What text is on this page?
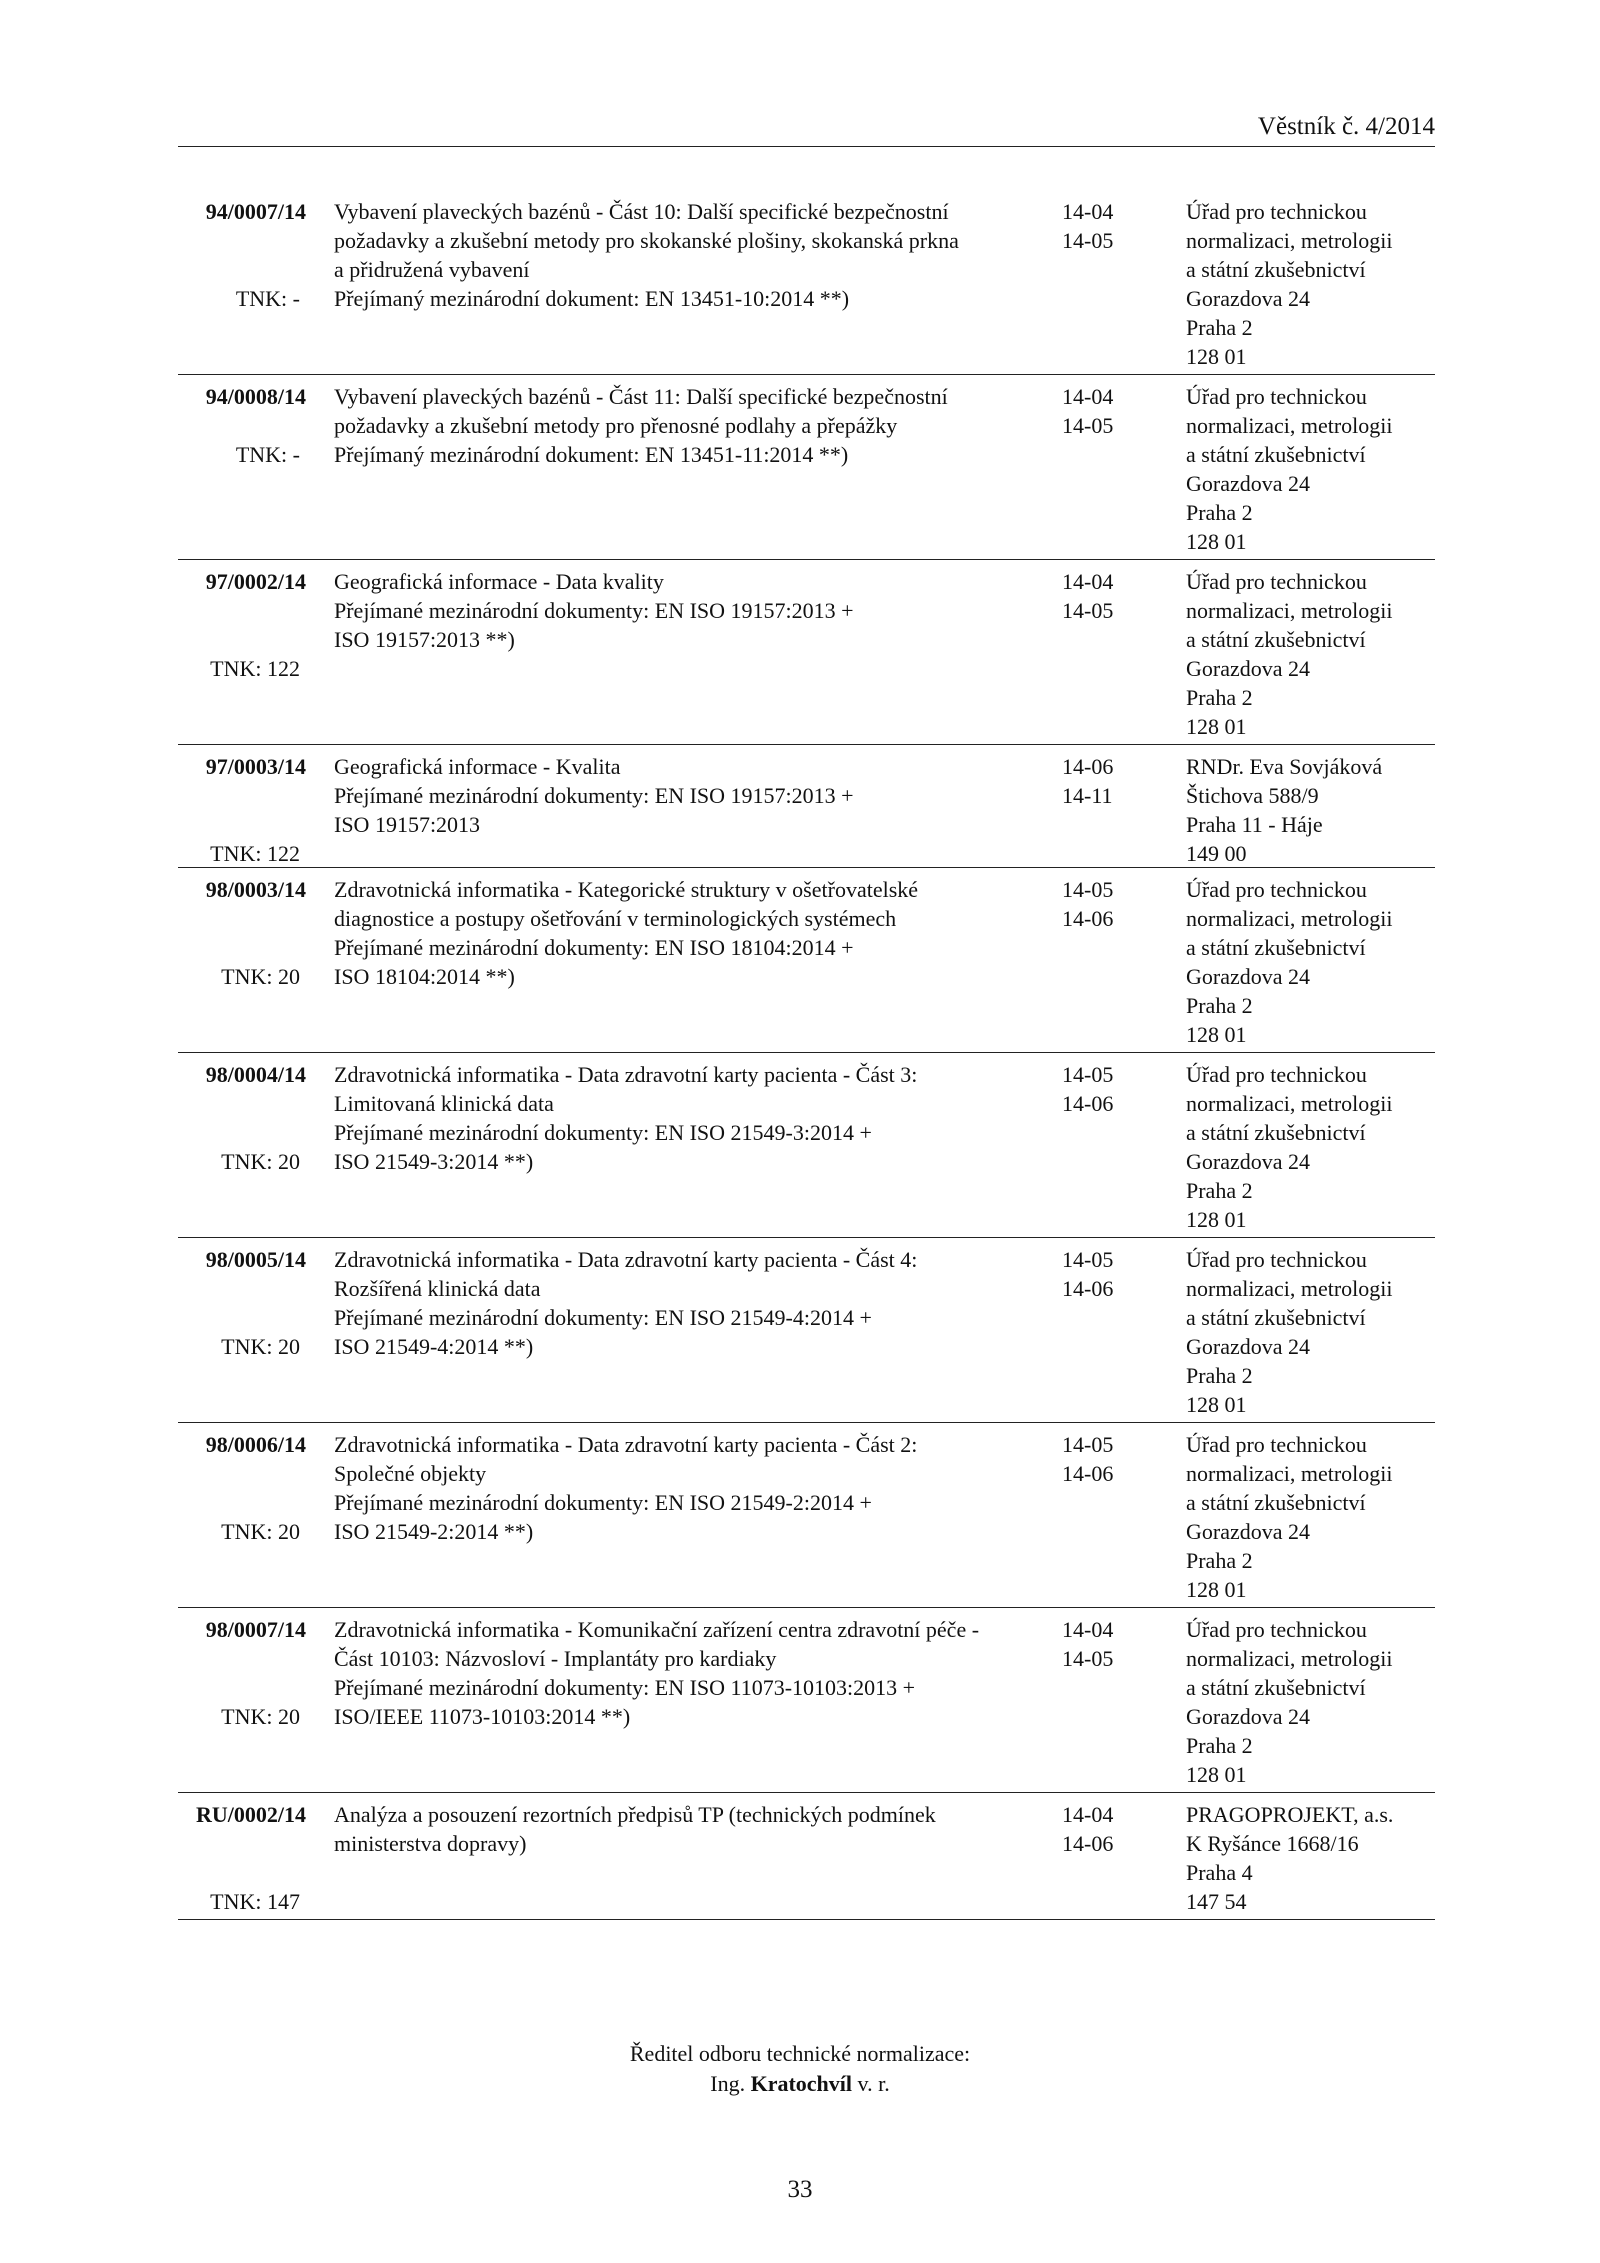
Věstník č. 4/2014
94/0007/14
TNK: -
Vybavení plaveckých bazénů - Část 10: Další specifické bezpečnostní
požadavky a zkušební metody pro skokanské plošiny, skokanská prkna
a přidružená vybavení
Přejímaný mezinárodní dokument: EN 13451-10:2014 **)
14-04
14-05
Úřad pro technickou
normalizaci, metrologii
a státní zkušebnictví
Gorazdova 24
Praha 2
128 01
94/0008/14
TNK: -
Vybavení plaveckých bazénů - Část 11: Další specifické bezpečnostní
požadavky a zkušební metody pro přenosné podlahy a přepážky
Přejímaný mezinárodní dokument: EN 13451-11:2014 **)
14-04
14-05
Úřad pro technickou
normalizaci, metrologii
a státní zkušebnictví
Gorazdova 24
Praha 2
128 01
97/0002/14
TNK: 122
Geografická informace - Data kvality
Přejímané mezinárodní dokumenty: EN ISO 19157:2013 +
ISO 19157:2013 **)
14-04
14-05
Úřad pro technickou
normalizaci, metrologii
a státní zkušebnictví
Gorazdova 24
Praha 2
128 01
97/0003/14
TNK: 122
Geografická informace - Kvalita
Přejímané mezinárodní dokumenty: EN ISO 19157:2013 +
ISO 19157:2013
14-06
14-11
RNDr. Eva Sovjáková
Štichova 588/9
Praha 11 - Háje
149 00
98/0003/14
TNK: 20
Zdravotnická informatika - Kategorické struktury v ošetřovatelské
diagnostice a postupy ošetřování v terminologických systémech
Přejímané mezinárodní dokumenty: EN ISO 18104:2014 +
ISO 18104:2014 **)
14-05
14-06
Úřad pro technickou
normalizaci, metrologii
a státní zkušebnictví
Gorazdova 24
Praha 2
128 01
98/0004/14
TNK: 20
Zdravotnická informatika - Data zdravotní karty pacienta - Část 3:
Limitovaná klinická data
Přejímané mezinárodní dokumenty: EN ISO 21549-3:2014 +
ISO 21549-3:2014 **)
14-05
14-06
Úřad pro technickou
normalizaci, metrologii
a státní zkušebnictví
Gorazdova 24
Praha 2
128 01
98/0005/14
TNK: 20
Zdravotnická informatika - Data zdravotní karty pacienta - Část 4:
Rozšířená klinická data
Přejímané mezinárodní dokumenty: EN ISO 21549-4:2014 +
ISO 21549-4:2014 **)
14-05
14-06
Úřad pro technickou
normalizaci, metrologii
a státní zkušebnictví
Gorazdova 24
Praha 2
128 01
98/0006/14
TNK: 20
Zdravotnická informatika - Data zdravotní karty pacienta - Část 2:
Společné objekty
Přejímané mezinárodní dokumenty: EN ISO 21549-2:2014 +
ISO 21549-2:2014 **)
14-05
14-06
Úřad pro technickou
normalizaci, metrologii
a státní zkušebnictví
Gorazdova 24
Praha 2
128 01
98/0007/14
TNK: 20
Zdravotnická informatika - Komunikační zařízení centra zdravotní péče -
Část 10103: Názvosloví - Implantáty pro kardiaky
Přejímané mezinárodní dokumenty: EN ISO 11073-10103:2013 +
ISO/IEEE 11073-10103:2014 **)
14-04
14-05
Úřad pro technickou
normalizaci, metrologii
a státní zkušebnictví
Gorazdova 24
Praha 2
128 01
RU/0002/14
TNK: 147
Analýza a posouzení rezortních předpisů TP (technických podmínek
ministerstva dopravy)
14-04
14-06
PRAGOPROJEKT, a.s.
K Ryšánce 1668/16
Praha 4
147 54
Ředitel odboru technické normalizace:
Ing. Kratochvíl v. r.
33
